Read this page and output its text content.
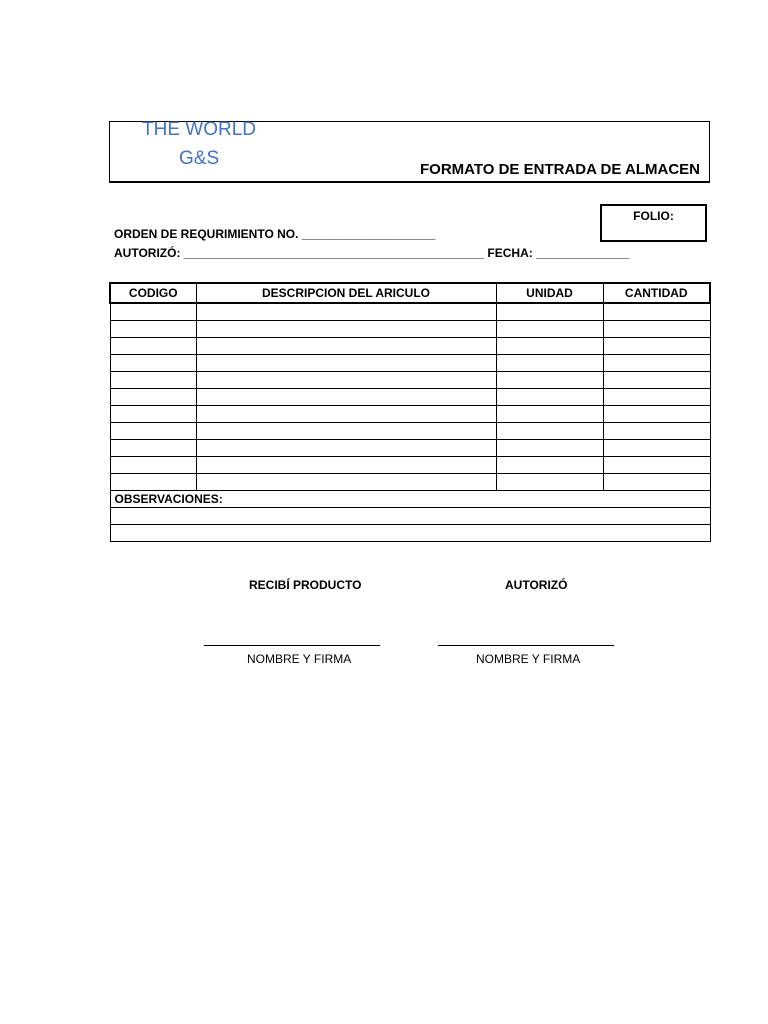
THE WORLD
G&S
FORMATO DE ENTRADA DE ALMACEN
FOLIO:
ORDEN DE REQURIMIENTO NO. ____________________
AUTORIZÓ: _____________________________________________ FECHA: ______________
CODIGO	DESCRIPCION DEL ARICULO	UNIDAD	CANTIDAD

OBSERVACIONES:			

RECIBÍ PRODUCTO	AUTORIZÓ
NOMBRE Y FIRMA	NOMBRE Y FIRMA
